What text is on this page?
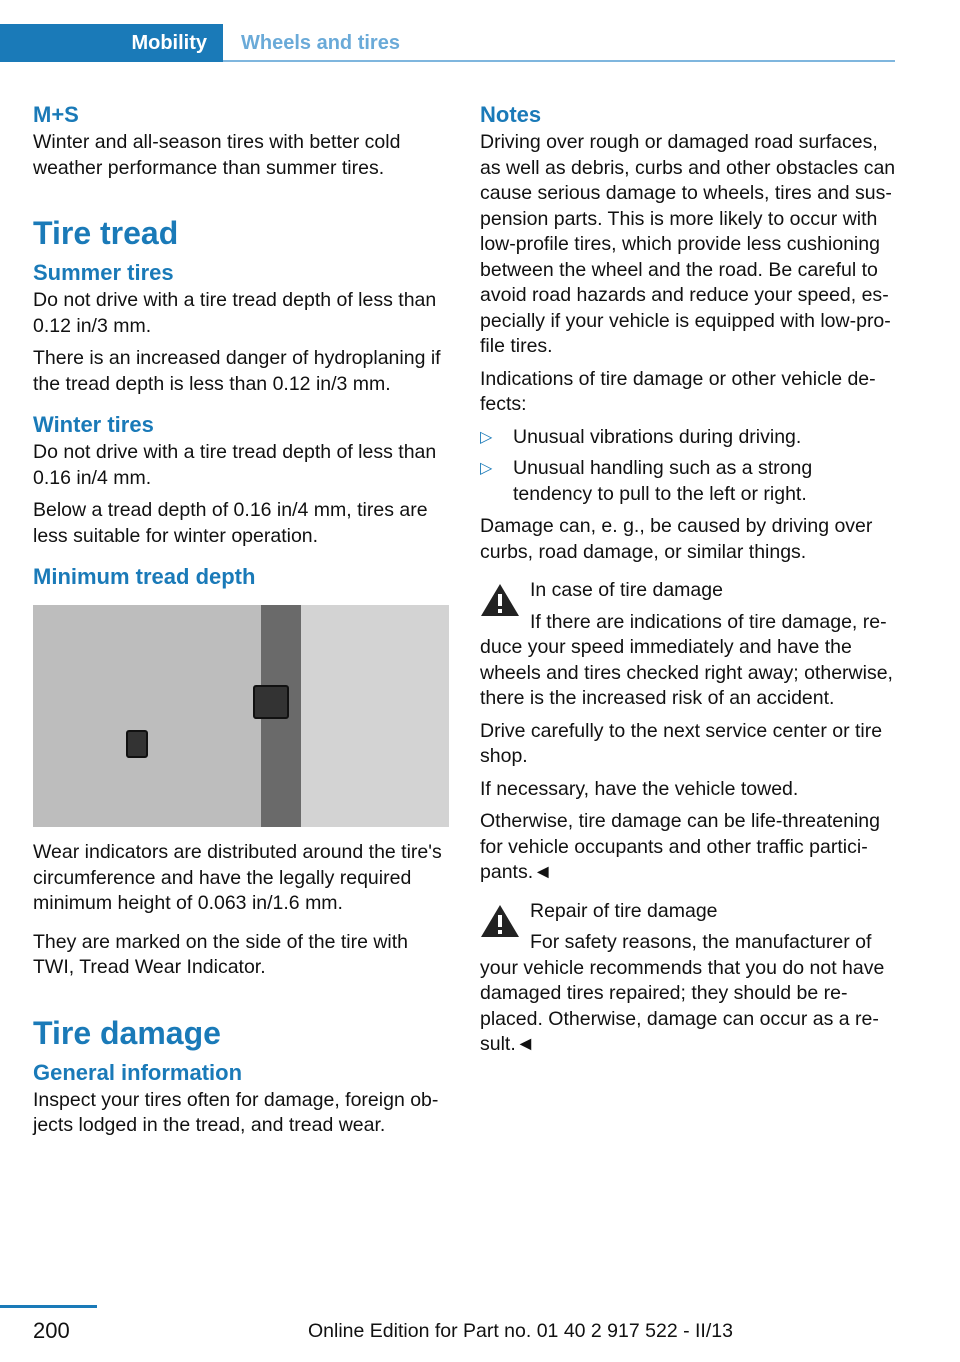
Mobility Wheels and tires
M+S

Winter and all-season tires with better cold weather performance than summer tires.

Tire tread
Summer tires

Do not drive with a tire tread depth of less than 0.12 in/3 mm.

There is an increased danger of hydroplaning if the tread depth is less than 0.12 in/3 mm.

Winter tires

Do not drive with a tire tread depth of less than 0.16 in/4 mm.

Below a tread depth of 0.16 in/4 mm, tires are less suitable for winter operation.

Minimum tread depth

Wear indicators are distributed around the tire's circumference and have the legally required minimum height of 0.063 in/1.6 mm.

They are marked on the side of the tire with TWI, Tread Wear Indicator.

Tire damage
General information

Inspect your tires often for damage, foreign objects lodged in the tread, and tread wear.

Notes

Driving over rough or damaged road surfaces, as well as debris, curbs and other obstacles can cause serious damage to wheels, tires and suspension parts. This is more likely to occur with low-profile tires, which provide less cushioning between the wheel and the road. Be careful to avoid road hazards and reduce your speed, especially if your vehicle is equipped with low-profile tires.

Indications of tire damage or other vehicle defects:

▷ Unusual vibrations during driving.
▷ Unusual handling such as a strong tendency to pull to the left or right.

Damage can, e. g., be caused by driving over curbs, road damage, or similar things.

In case of tire damage

If there are indications of tire damage, re-

duce your speed immediately and have the wheels and tires checked right away; otherwise, there is the increased risk of an accident.

Drive carefully to the next service center or tire shop.

If necessary, have the vehicle towed.

Otherwise, tire damage can be life-threatening for vehicle occupants and other traffic participants.◄

Repair of tire damage

For safety reasons, the manufacturer of

your vehicle recommends that you do not have damaged tires repaired; they should be replaced. Otherwise, damage can occur as a result.◄

200	Online Edition for Part no. 01 40 2 917 522 - II/13
